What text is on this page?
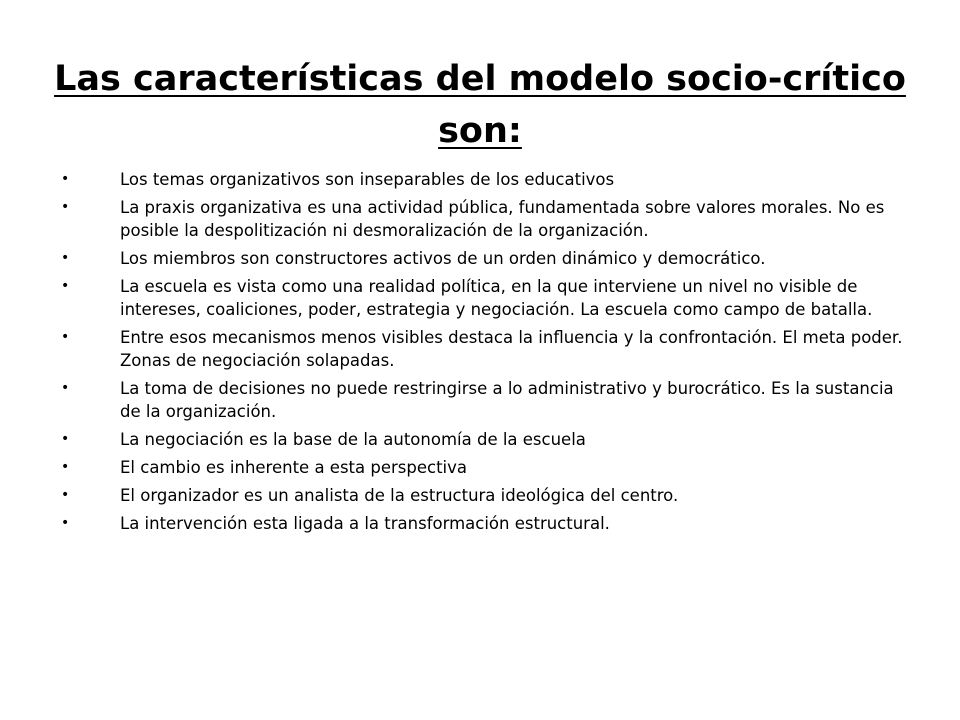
Las características del modelo socio-crítico
son:
•	Los temas organizativos son inseparables de los educativos
•	La praxis organizativa es una actividad pública, fundamentada sobre valores morales. No es posible la despolitización ni desmoralización de la organización.
•	Los miembros son constructores activos de un orden dinámico y democrático.
•	La escuela es vista como una realidad política, en la que interviene un nivel no visible de intereses, coaliciones, poder, estrategia y negociación. La escuela como campo de batalla.
•	Entre esos mecanismos menos visibles destaca la influencia y la confrontación. El meta poder. Zonas de negociación solapadas.
•	La toma de decisiones no puede restringirse a lo administrativo y burocrático. Es la sustancia de la organización.
•	La negociación es la base de la autonomía de la escuela
•	El cambio es inherente a esta perspectiva
•	El organizador es un analista de la estructura ideológica del centro.
•	La intervención esta ligada a la transformación estructural.
